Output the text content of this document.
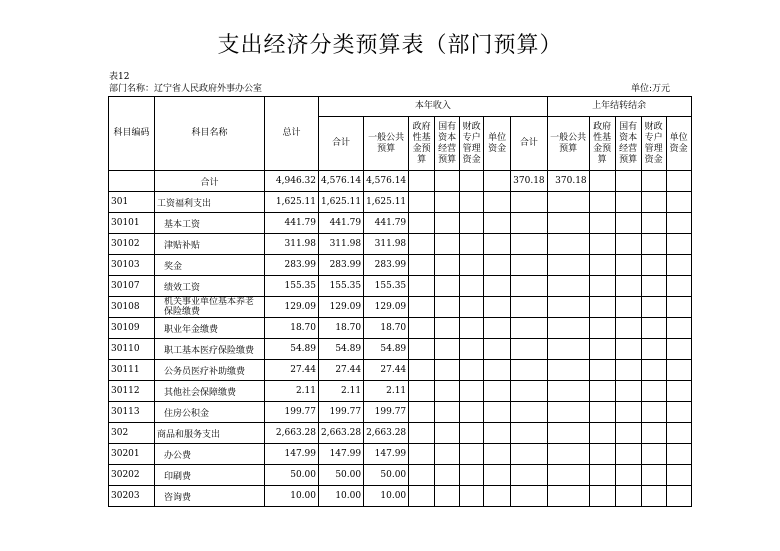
支出经济分类预算表（部门预算）
表12
部门名称：辽宁省人民政府外事办公室	单位:万元
科目编码	科目名称	总计	本年收入							上年结转结余				
			合计	一般公共预算	政府性基金预算	国有资本经营预算	财政专户管理资金	单位资金	合计	一般公共预算	政府性基金预算	国有资本经营预算	财政专户管理资金	单位资金
	合计	4,946.32	4,576.14	4,576.14					370.18	370.18				
301	工资福利支出	1,625.11	1,625.11	1,625.11										
30101	基本工资	441.79	441.79	441.79										
30102	津贴补贴	311.98	311.98	311.98										
30103	奖金	283.99	283.99	283.99										
30107	绩效工资	155.35	155.35	155.35										
30108	机关事业单位基本养老保险缴费	129.09	129.09	129.09										
30109	职业年金缴费	18.70	18.70	18.70										
30110	职工基本医疗保险缴费	54.89	54.89	54.89										
30111	公务员医疗补助缴费	27.44	27.44	27.44										
30112	其他社会保障缴费	2.11	2.11	2.11										
30113	住房公积金	199.77	199.77	199.77										
302	商品和服务支出	2,663.28	2,663.28	2,663.28										
30201	办公费	147.99	147.99	147.99										
30202	印刷费	50.00	50.00	50.00										
30203	咨询费	10.00	10.00	10.00										
